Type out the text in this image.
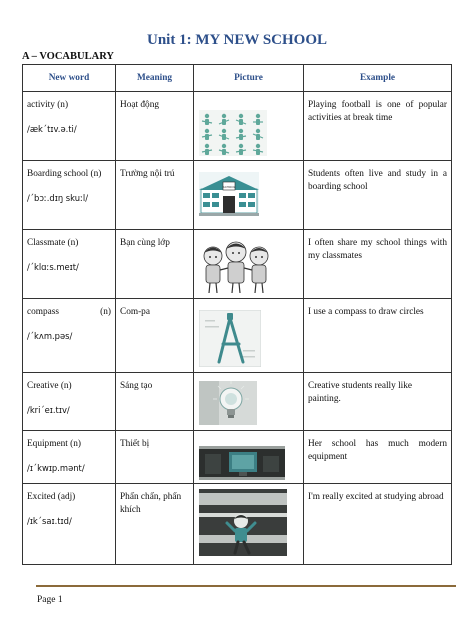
Unit 1: MY NEW SCHOOL
A – VOCABULARY
New word	Meaning	Picture	Example

activity (n)
/æk΄tɪv.ə.ti/	Hoạt động		Playing football is one of popular activities at break time

Boarding school (n)
/΄bɔː.dɪŋ skuːl/	Trường nội trú	SCHOOL	Students often live and study in a boarding school

Classmate (n)
/΄klɑːs.meɪt/	Bạn cùng lớp		I often share my school things with my classmates

compass (n)
/΄kʌm.pəs/	Com-pa		I use a compass to draw circles

Creative (n)
/kri΄eɪ.tɪv/	Sáng tạo		Creative students really like painting.

Equipment (n)
/ɪ΄kwɪp.mənt/	Thiết bị		Her school has much modern equipment

Excited (adj)
/ɪk΄saɪ.tɪd/	Phấn chấn, phấn khích		I'm really excited at studying abroad

Page 1
